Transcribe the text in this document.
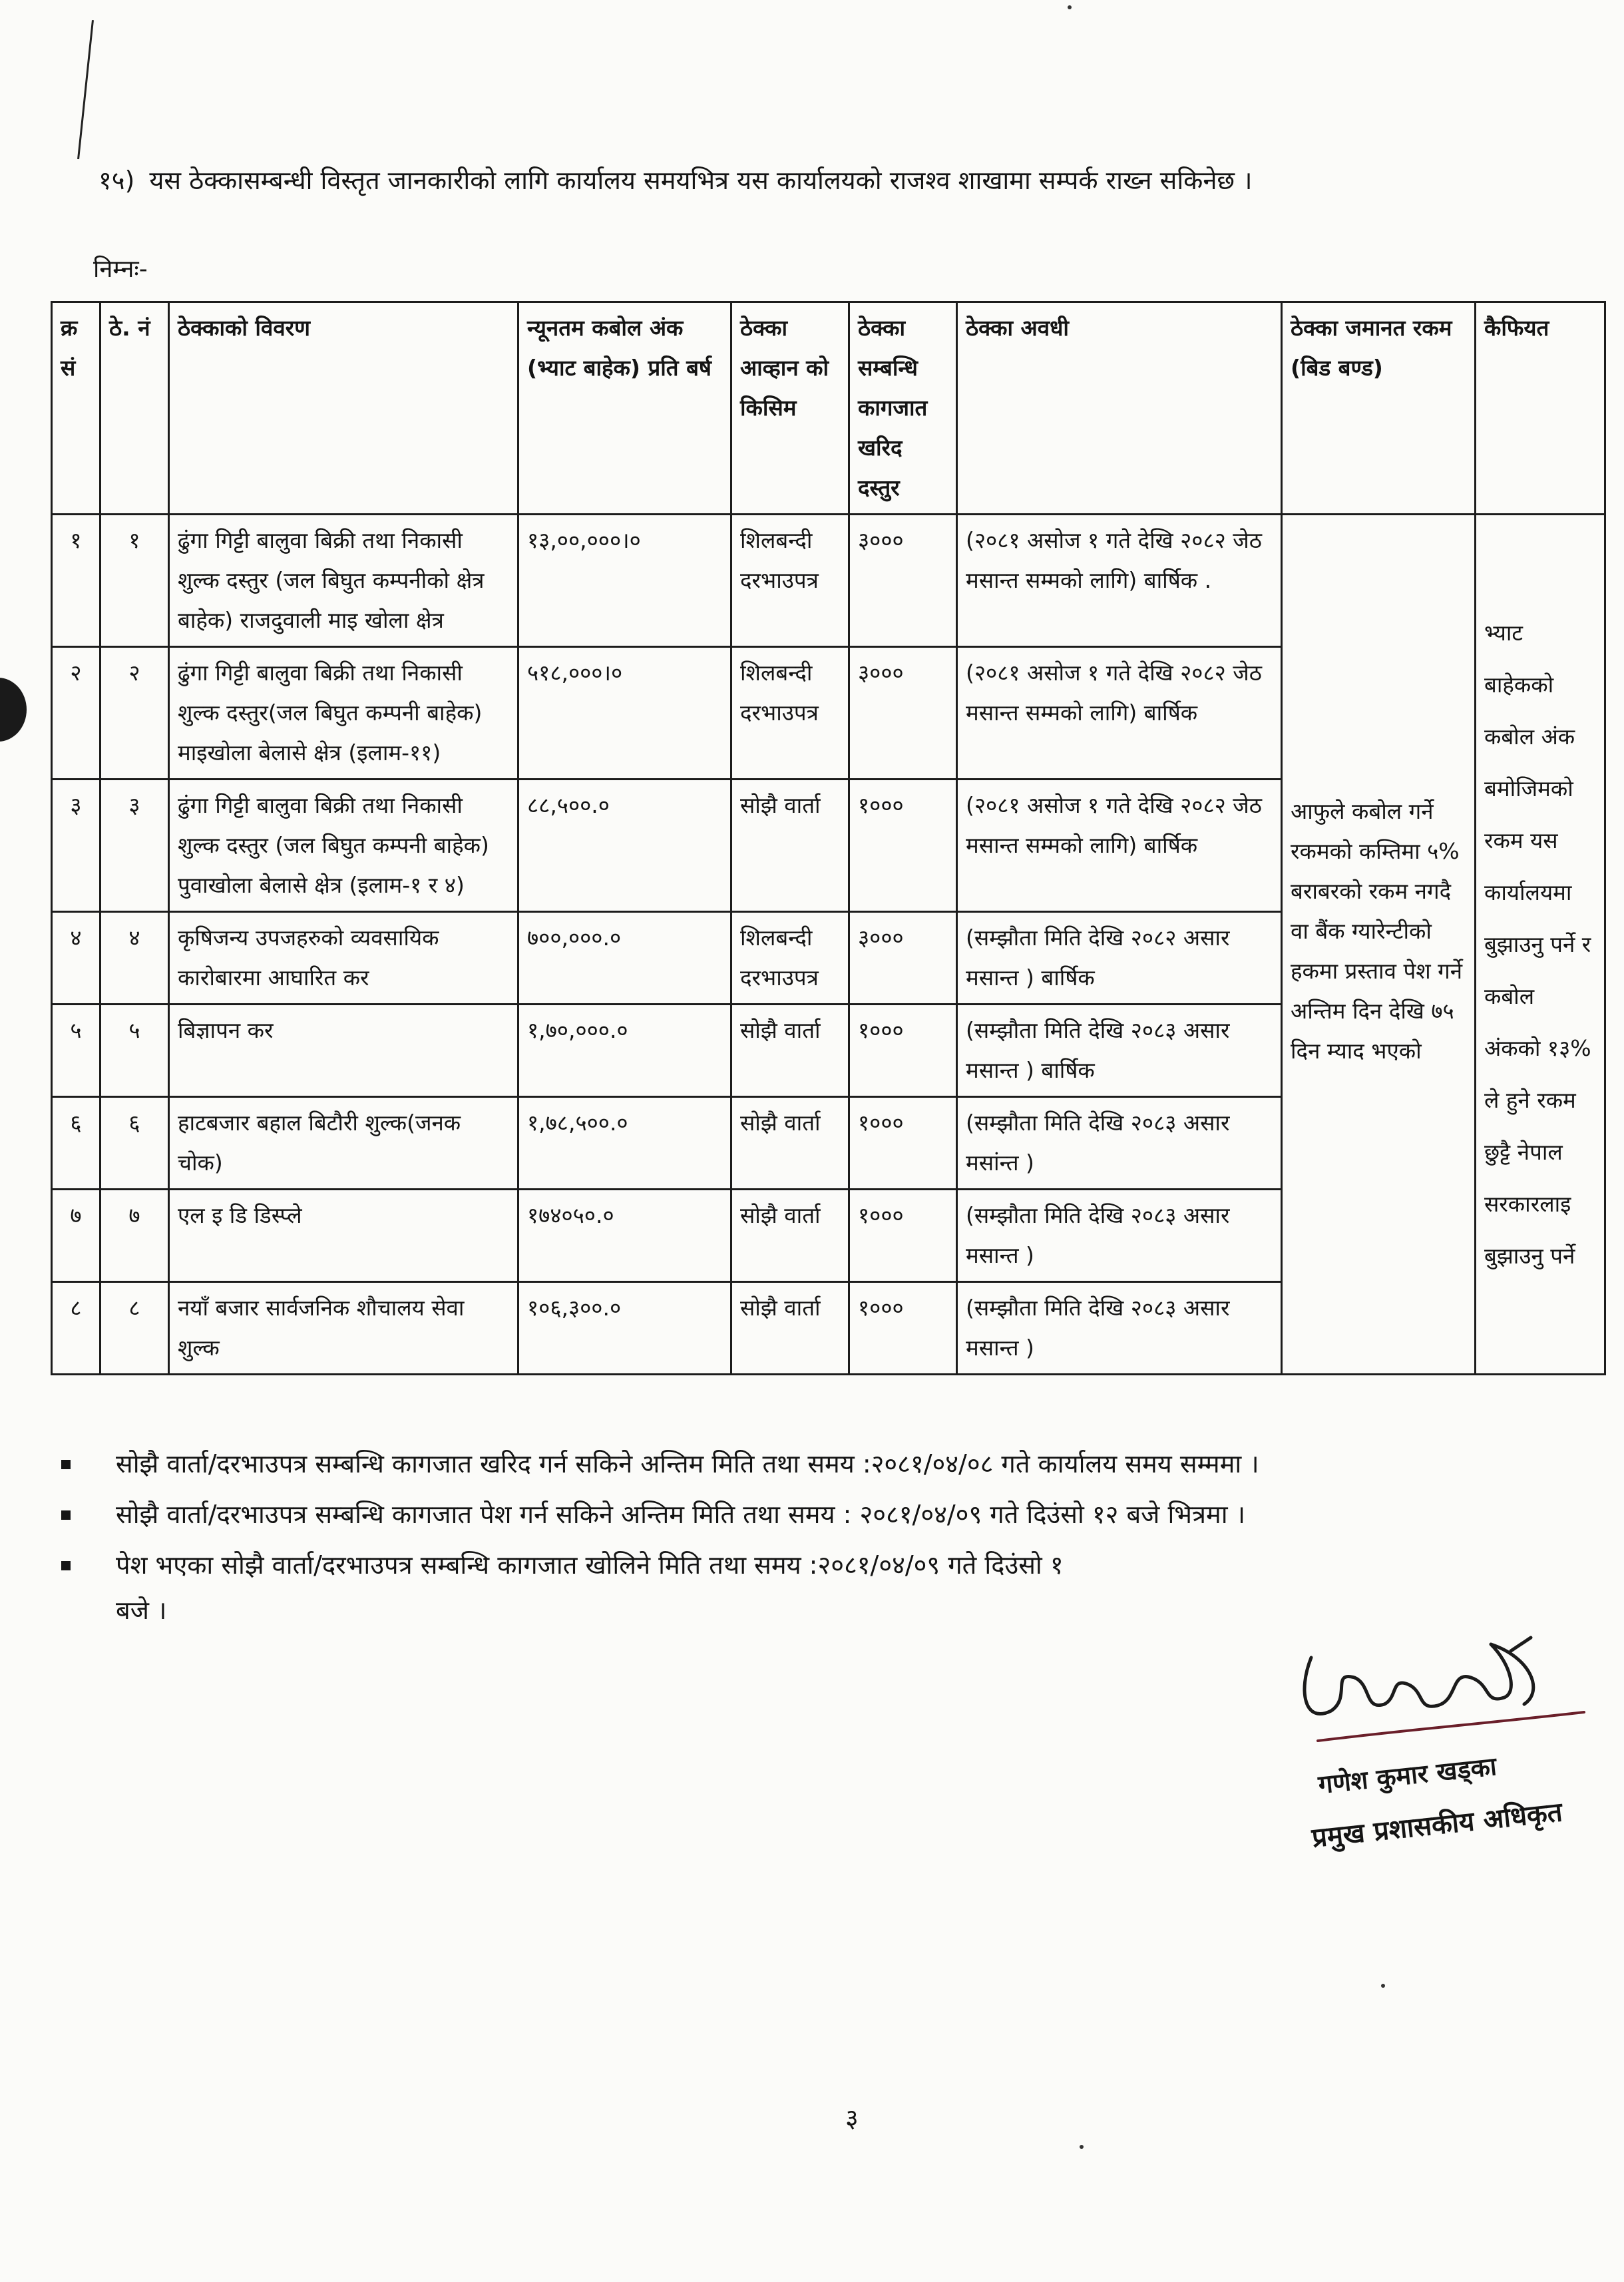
१५) यस ठेक्कासम्बन्धी विस्तृत जानकारीको लागि कार्यालय समयभित्र यस कार्यालयको राजश्व शाखामा सम्पर्क राख्न सकिनेछ ।

निम्नः-
क्र सं	ठे. नं	ठेक्काको विवरण	न्यूनतम कबोल अंक (भ्याट बाहेक) प्रति बर्ष	ठेक्का आव्हान को किसिम	ठेक्का सम्बन्धि कागजात खरिद दस्तुर	ठेक्का अवधी	ठेक्का जमानत रकम (बिड बण्ड)	कैफियत
१	१	ढुंगा गिट्टी बालुवा बिक्री तथा निकासी शुल्क दस्तुर (जल बिघुत कम्पनीको क्षेत्र बाहेक) राजदुवाली माइ खोला क्षेत्र	१३,००,०००।०	शिलबन्दी दरभाउपत्र	३०००	(२०८१ असोज १ गते देखि २०८२ जेठ मसान्त सम्मको लागि) बार्षिक .	आफुले कबोल गर्ने रकमको कम्तिमा ५% बराबरको रकम नगदै वा बैंक ग्यारेन्टीको हकमा प्रस्ताव पेश गर्ने अन्तिम दिन देखि ७५ दिन म्याद भएको	भ्याट बाहेकको कबोल अंक बमोजिमको रकम यस कार्यालयमा बुझाउनु पर्ने र कबोल अंकको १३% ले हुने रकम छुट्टै नेपाल सरकारलाइ बुझाउनु पर्ने

२	२	ढुंगा गिट्टी बालुवा बिक्री तथा निकासी शुल्क दस्तुर(जल बिघुत कम्पनी बाहेक) माइखोला बेलासे क्षेत्र (इलाम-११)	५१८,०००।०	शिलबन्दी दरभाउपत्र	३०००	(२०८१ असोज १ गते देखि २०८२ जेठ मसान्त सम्मको लागि) बार्षिक		
३	३	ढुंगा गिट्टी बालुवा बिक्री तथा निकासी शुल्क दस्तुर (जल बिघुत कम्पनी बाहेक) पुवाखोला बेलासे क्षेत्र (इलाम-१ र ४)	८८,५००.०	सोझै वार्ता	१०००	(२०८१ असोज १ गते देखि २०८२ जेठ मसान्त सम्मको लागि) बार्षिक		
४	४	कृषिजन्य उपजहरुको व्यवसायिक कारोबारमा आघारित कर	७००,०००.०	शिलबन्दी दरभाउपत्र	३०००	(सम्झौता मिति देखि २०८२ असार मसान्त ) बार्षिक		
५	५	बिज्ञापन कर	१,७०,०००.०	सोझै वार्ता	१०००	(सम्झौता मिति देखि २०८३ असार मसान्त ) बार्षिक		
६	६	हाटबजार बहाल बिटौरी शुल्क(जनक चोक)	१,७८,५००.०	सोझै वार्ता	१०००	(सम्झौता मिति देखि २०८३ असार मसांन्त )		
७	७	एल इ डि डिस्प्ले	१७४०५०.०	सोझै वार्ता	१०००	(सम्झौता मिति देखि २०८३ असार मसान्त )		
८	८	नयाँ बजार सार्वजनिक शौचालय सेवा शुल्क	१०६,३००.०	सोझै वार्ता	१०००	(सम्झौता मिति देखि २०८३ असार मसान्त )		
सोझै वार्ता/दरभाउपत्र सम्बन्धि कागजात खरिद गर्न सकिने अन्तिम मिति तथा समय :२०८१/०४/०८ गते कार्यालय समय सम्ममा ।
सोझै वार्ता/दरभाउपत्र सम्बन्धि कागजात पेश गर्न सकिने अन्तिम मिति तथा समय : २०८१/०४/०९ गते दिउंसो १२ बजे भित्रमा ।
पेश भएका सोझै वार्ता/दरभाउपत्र सम्बन्धि कागजात खोलिने मिति तथा समय :२०८१/०४/०९ गते दिउंसो १
बजे ।
गणेश कुमार खड्का
प्रमुख प्रशासकीय अधिकृत
३
